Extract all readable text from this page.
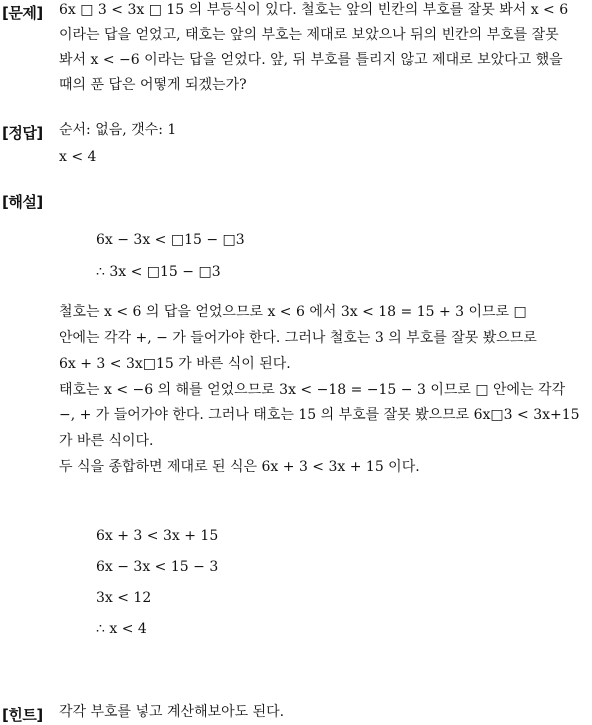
[문제] 6x □ 3 < 3x □ 15 의 부등식이 있다. 철호는 앞의 빈칸의 부호를 잘못 봐서 x < 6
이라는 답을 얻었고, 태호는 앞의 부호는 제대로 보았으나 뒤의 빈칸의 부호를 잘못
봐서 x < −6 이라는 답을 얻었다. 앞, 뒤 부호를 틀리지 않고 제대로 보았다고 했을
때의 푼 답은 어떻게 되겠는가?
[정답] 순서: 없음, 갯수: 1
x < 4
[해설]
6x − 3x < □15 − □3
∴ 3x < □15 − □3
철호는 x < 6 의 답을 얻었으므로 x < 6 에서 3x < 18 = 15 + 3 이므로 □
안에는 각각 +, − 가 들어가야 한다. 그러나 철호는 3 의 부호를 잘못 봤으므로
6x + 3 < 3x□15 가 바른 식이 된다.
태호는 x < −6 의 해를 얻었으므로 3x < −18 = −15 − 3 이므로 □ 안에는 각각
−, + 가 들어가야 한다. 그러나 태호는 15 의 부호를 잘못 봤으므로 6x□3 < 3x+15
가 바른 식이다.
두 식을 종합하면 제대로 된 식은 6x + 3 < 3x + 15 이다.
6x + 3 < 3x + 15
6x − 3x < 15 − 3
3x < 12
∴ x < 4
[힌트] 각각 부호를 넣고 계산해보아도 된다.
